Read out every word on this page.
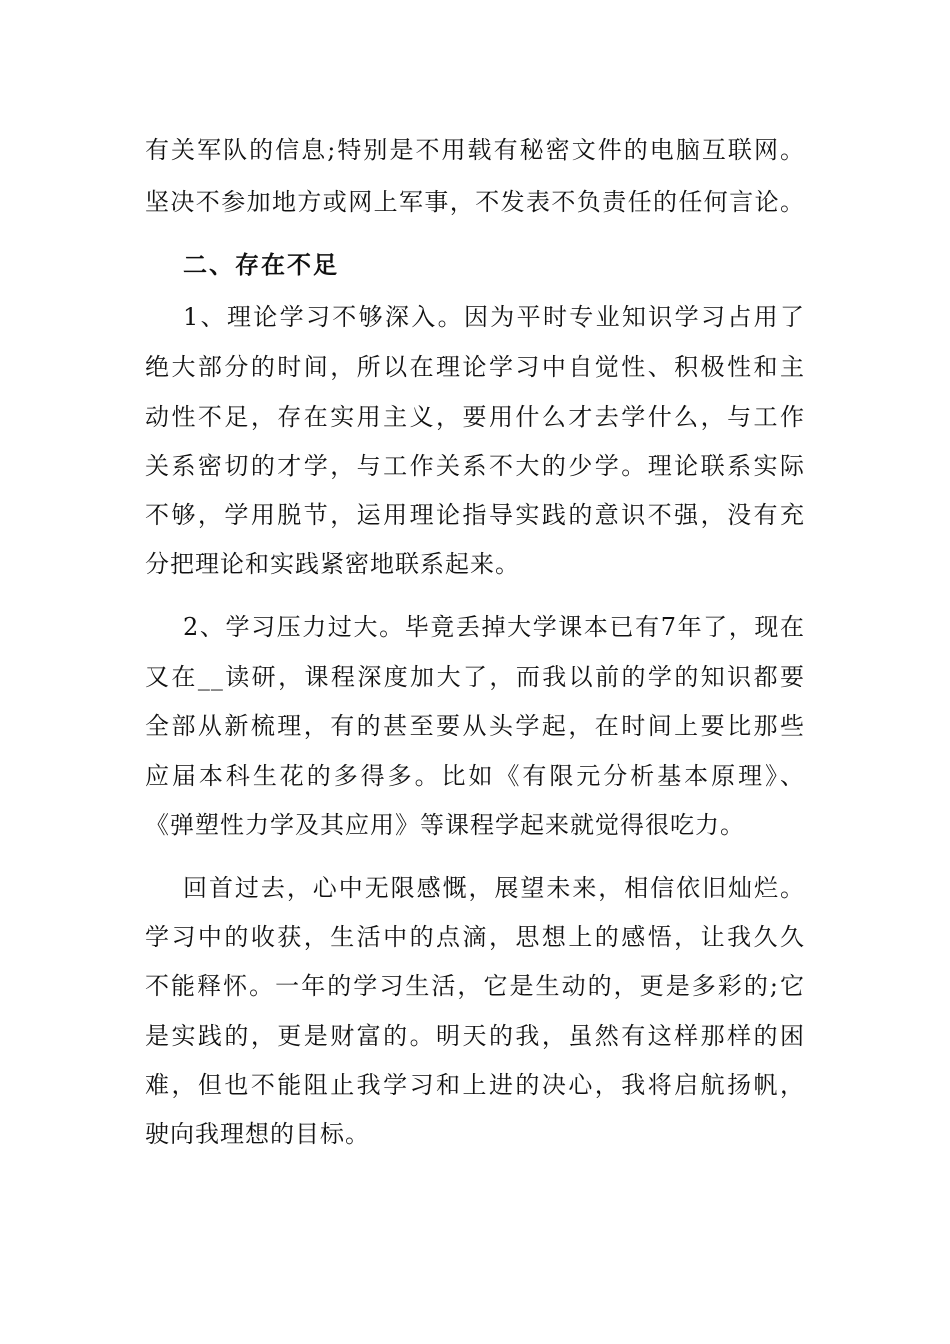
有关军队的信息;特别是不用载有秘密文件的电脑互联网。
坚决不参加地方或网上军事，不发表不负责任的任何言论。
二、存在不足
1、理论学习不够深入。因为平时专业知识学习占用了
绝大部分的时间，所以在理论学习中自觉性、积极性和主
动性不足，存在实用主义，要用什么才去学什么，与工作
关系密切的才学，与工作关系不大的少学。理论联系实际
不够，学用脱节，运用理论指导实践的意识不强，没有充
分把理论和实践紧密地联系起来。
2、学习压力过大。毕竟丢掉大学课本已有7年了，现在
又在__读研，课程深度加大了，而我以前的学的知识都要
全部从新梳理，有的甚至要从头学起，在时间上要比那些
应届本科生花的多得多。比如《有限元分析基本原理》、
《弹塑性力学及其应用》等课程学起来就觉得很吃力。
回首过去，心中无限感慨，展望未来，相信依旧灿烂。
学习中的收获，生活中的点滴，思想上的感悟，让我久久
不能释怀。一年的学习生活，它是生动的，更是多彩的;它
是实践的，更是财富的。明天的我，虽然有这样那样的困
难，但也不能阻止我学习和上进的决心，我将启航扬帆，
驶向我理想的目标。
